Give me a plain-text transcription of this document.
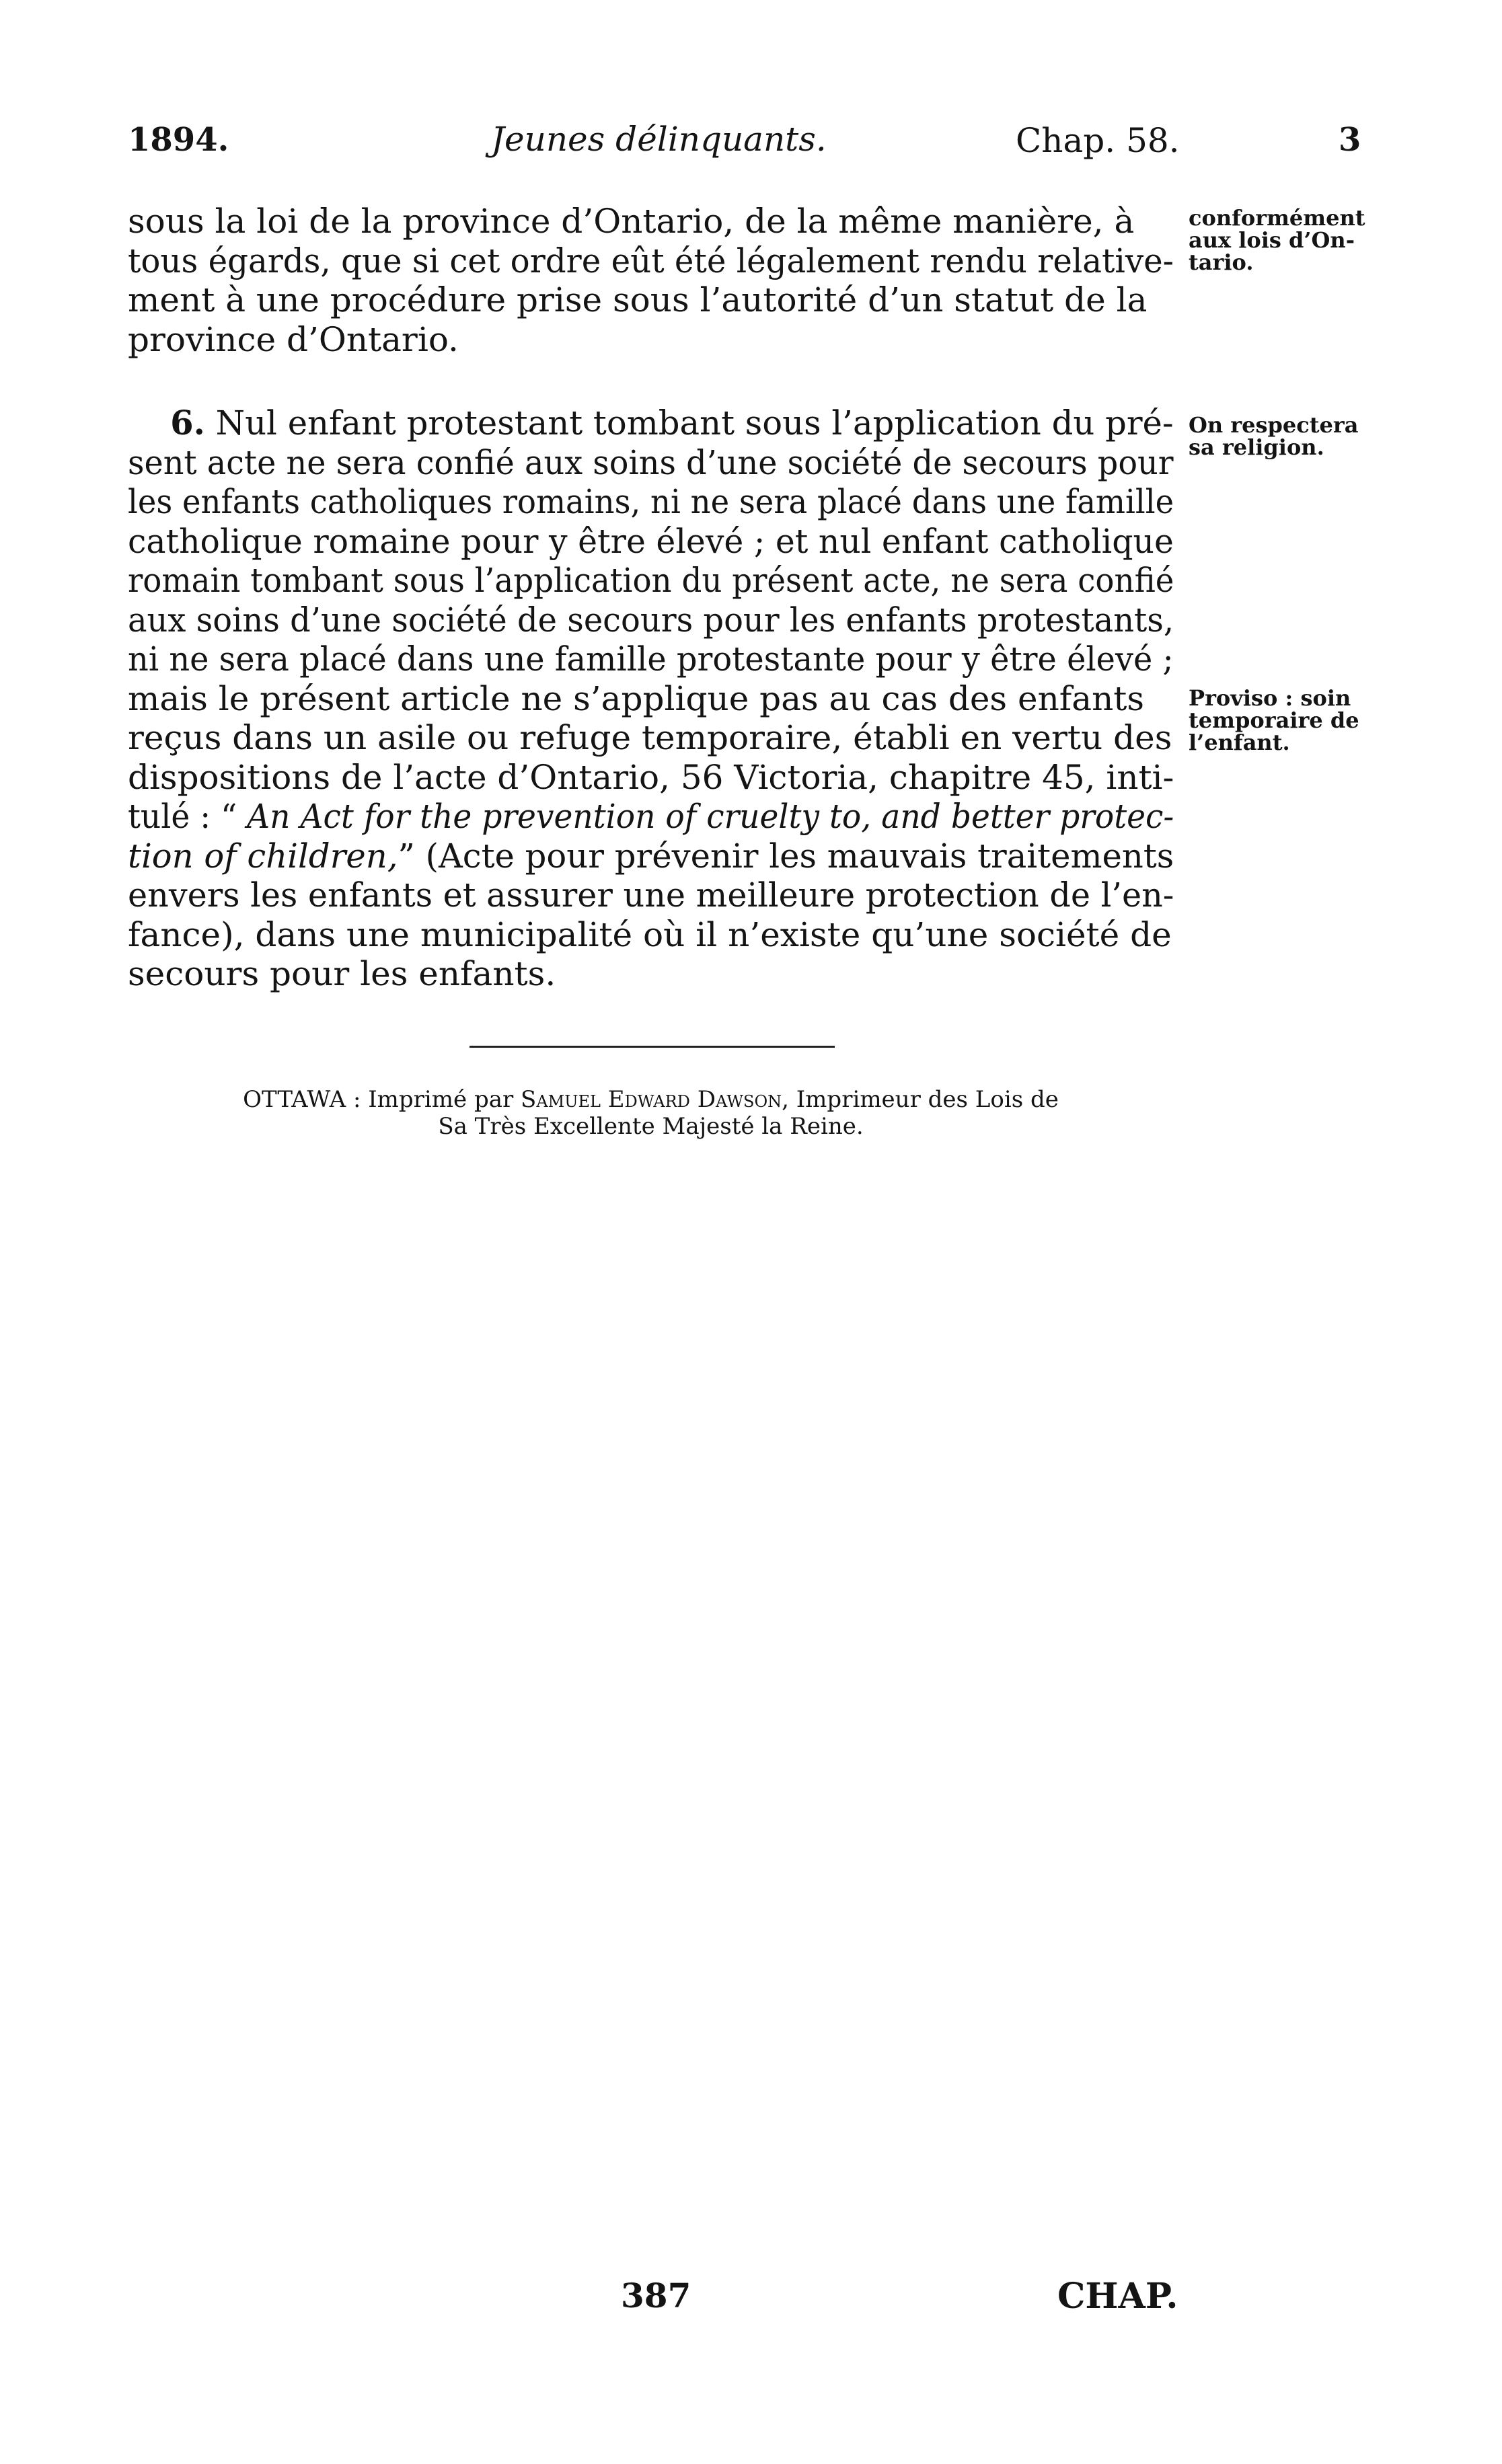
1894.	Jeunes délinquants.	Chap. 58.	3
sous la loi de la province d’Ontario, de la même manière, à
tous égards, que si cet ordre eût été légalement rendu relative-
ment à une procédure prise sous l’autorité d’un statut de la
province d’Ontario.
6. Nul enfant protestant tombant sous l’application du pré-
sent acte ne sera confié aux soins d’une société de secours pour
les enfants catholiques romains, ni ne sera placé dans une famille
catholique romaine pour y être élevé ; et nul enfant catholique
romain tombant sous l’application du présent acte, ne sera confié
aux soins d’une société de secours pour les enfants protestants,
ni ne sera placé dans une famille protestante pour y être élevé ;
mais le présent article ne s’applique pas au cas des enfants
reçus dans un asile ou refuge temporaire, établi en vertu des
dispositions de l’acte d’Ontario, 56 Victoria, chapitre 45, inti-
tulé : “ An Act for the prevention of cruelty to, and better protec-
tion of children,” (Acte pour prévenir les mauvais traitements
envers les enfants et assurer une meilleure protection de l’en-
fance), dans une municipalité où il n’existe qu’une société de
secours pour les enfants.
conformément
aux lois d’On-
tario.
On respectera
sa religion.
Proviso : soin
temporaire de
l’enfant.
OTTAWA : Imprimé par Samuel Edward Dawson, Imprimeur des Lois de
Sa Très Excellente Majesté la Reine.
387	CHAP.
